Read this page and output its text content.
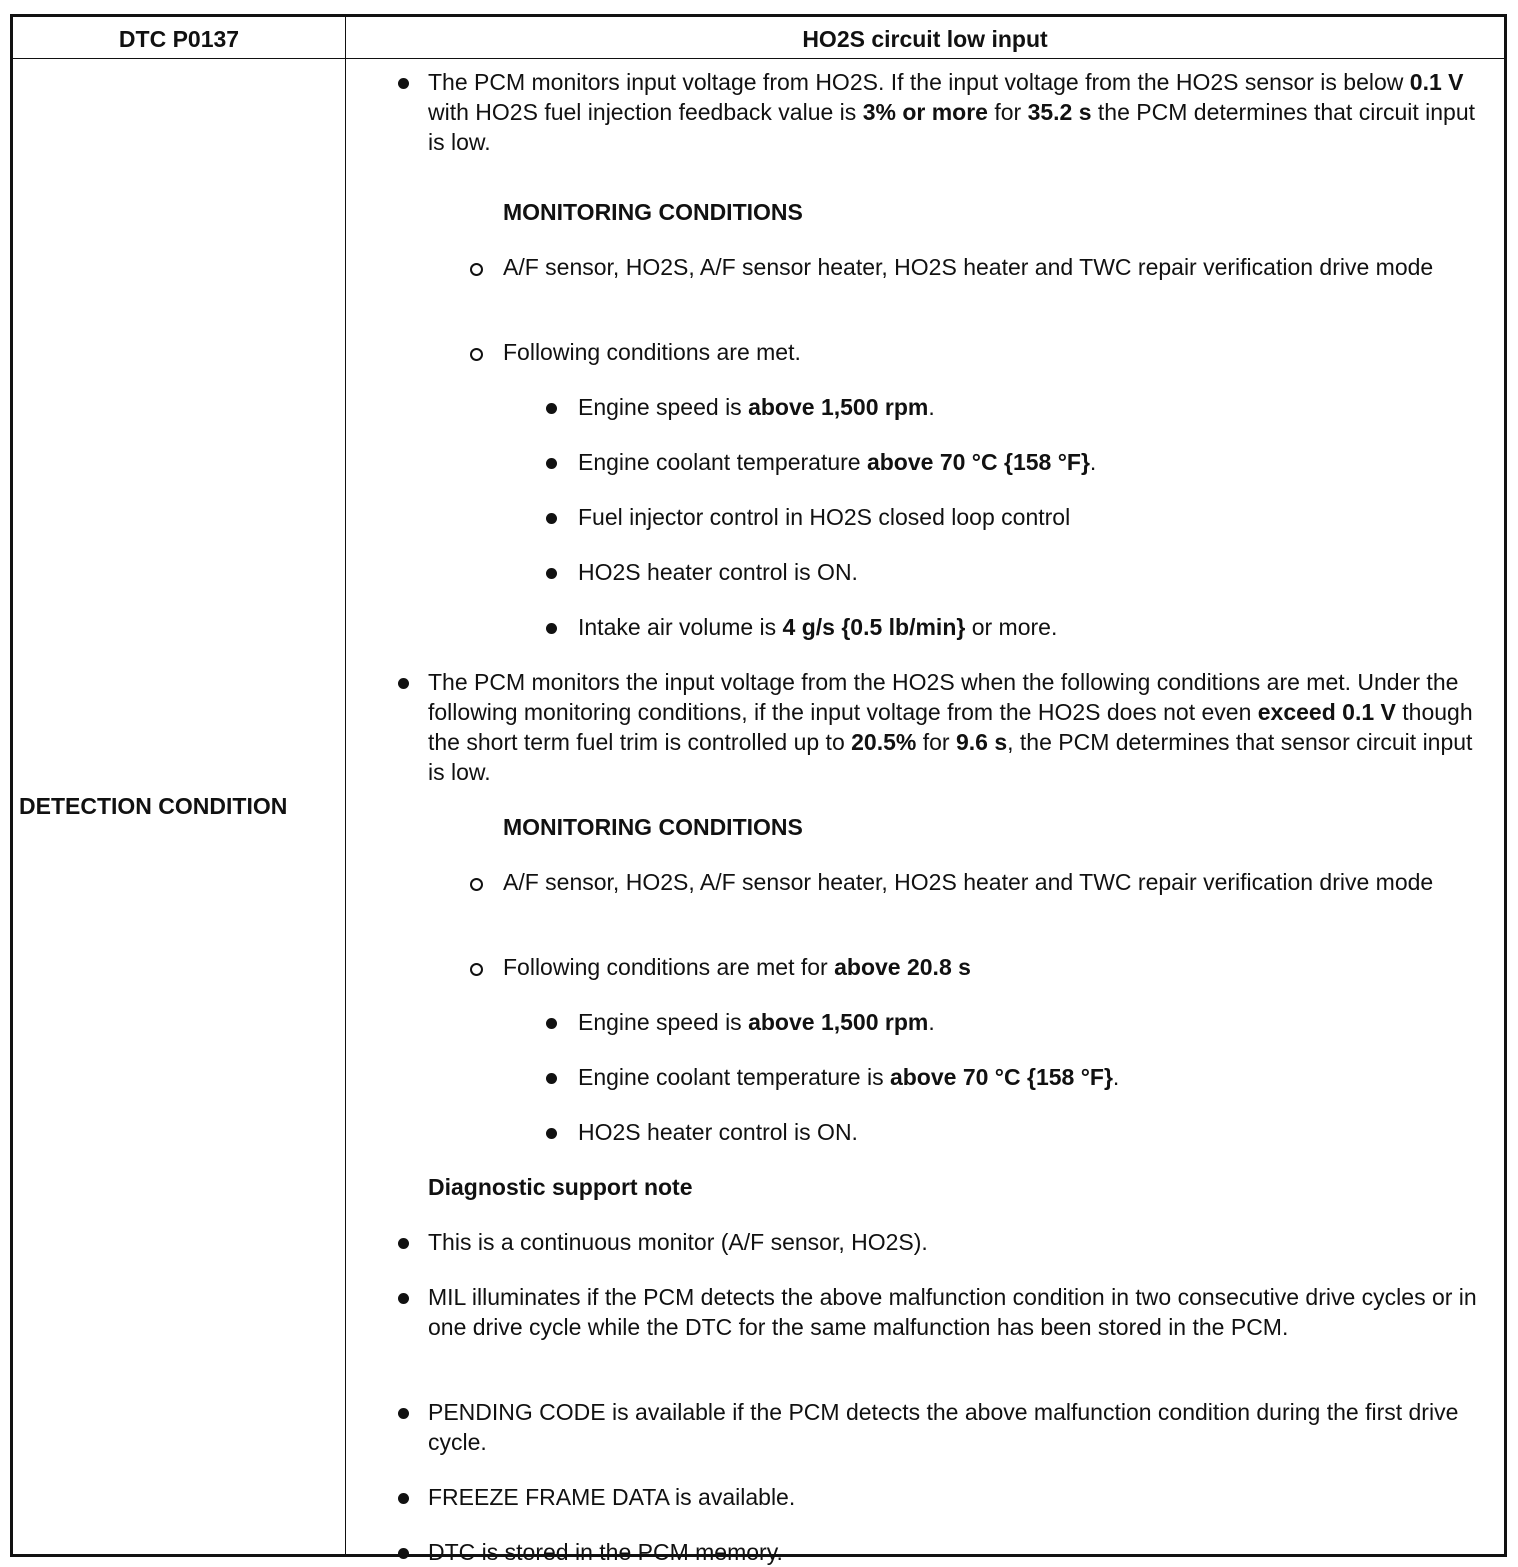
DTC P0137	HO2S circuit low input
DETECTION CONDITION

The PCM monitors input voltage from HO2S. If the input voltage from the HO2S sensor is below 0.1 V with HO2S fuel injection feedback value is 3% or more for 35.2 s the PCM determines that circuit input is low.

MONITORING CONDITIONS
A/F sensor, HO2S, A/F sensor heater, HO2S heater and TWC repair verification drive mode
Following conditions are met.
Engine speed is above 1,500 rpm.
Engine coolant temperature above 70 °C {158 °F}.
Fuel injector control in HO2S closed loop control
HO2S heater control is ON.
Intake air volume is 4 g/s {0.5 lb/min} or more.

The PCM monitors the input voltage from the HO2S when the following conditions are met. Under the following monitoring conditions, if the input voltage from the HO2S does not even exceed 0.1 V though the short term fuel trim is controlled up to 20.5% for 9.6 s, the PCM determines that sensor circuit input is low.

MONITORING CONDITIONS
A/F sensor, HO2S, A/F sensor heater, HO2S heater and TWC repair verification drive mode
Following conditions are met for above 20.8 s
Engine speed is above 1,500 rpm.
Engine coolant temperature is above 70 °C {158 °F}.
HO2S heater control is ON.
Diagnostic support note
This is a continuous monitor (A/F sensor, HO2S).
MIL illuminates if the PCM detects the above malfunction condition in two consecutive drive cycles or in one drive cycle while the DTC for the same malfunction has been stored in the PCM.
PENDING CODE is available if the PCM detects the above malfunction condition during the first drive cycle.
FREEZE FRAME DATA is available.
DTC is stored in the PCM memory.
